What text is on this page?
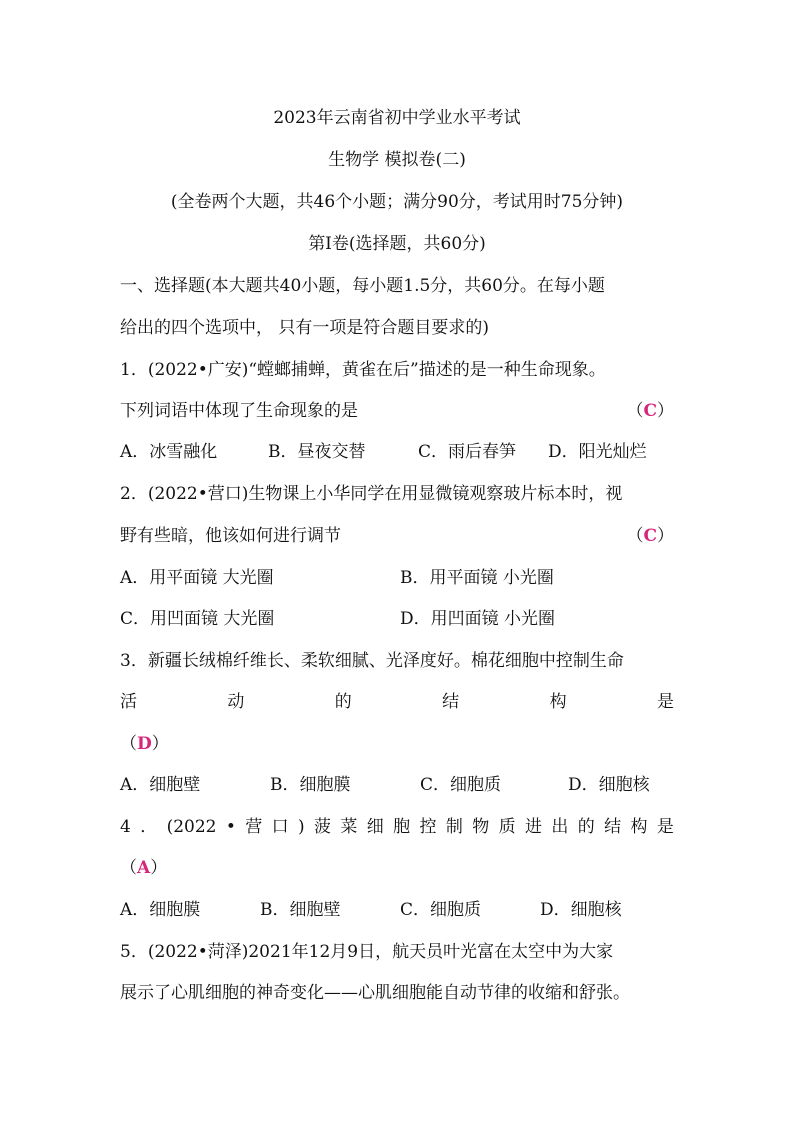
2023年云南省初中学业水平考试
生物学 模拟卷(二)
(全卷两个大题，共46个小题；满分90分，考试用时75分钟)
第Ⅰ卷(选择题，共60分)
一、选择题(本大题共40小题，每小题1.5分，共60分。在每小题
给出的四个选项中， 只有一项是符合题目要求的)
1．(2022•广安)“螳螂捕蝉，黄雀在后”描述的是一种生命现象。
下列词语中体现了生命现象的是	（C）
A．冰雪融化	B．昼夜交替	C．雨后春笋	D．阳光灿烂
2．(2022•营口)生物课上小华同学在用显微镜观察玻片标本时，视
野有些暗，他该如何进行调节	（C）
A．用平面镜 大光圈	B．用平面镜 小光圈
C．用凹面镜 大光圈	D．用凹面镜 小光圈
3．新疆长绒棉纤维长、柔软细腻、光泽度好。棉花细胞中控制生命
活	动	的	结	构	是
（D）
A．细胞壁	B．细胞膜	C．细胞质	D．细胞核
4 ． (2022 • 营 口 ) 菠 菜 细 胞 控 制 物 质 进 出 的 结 构 是
（A）
A．细胞膜	B．细胞壁	C．细胞质	D．细胞核
5．(2022•菏泽)2021年12月9日，航天员叶光富在太空中为大家
展示了心肌细胞的神奇变化——心肌细胞能自动节律的收缩和舒张。
